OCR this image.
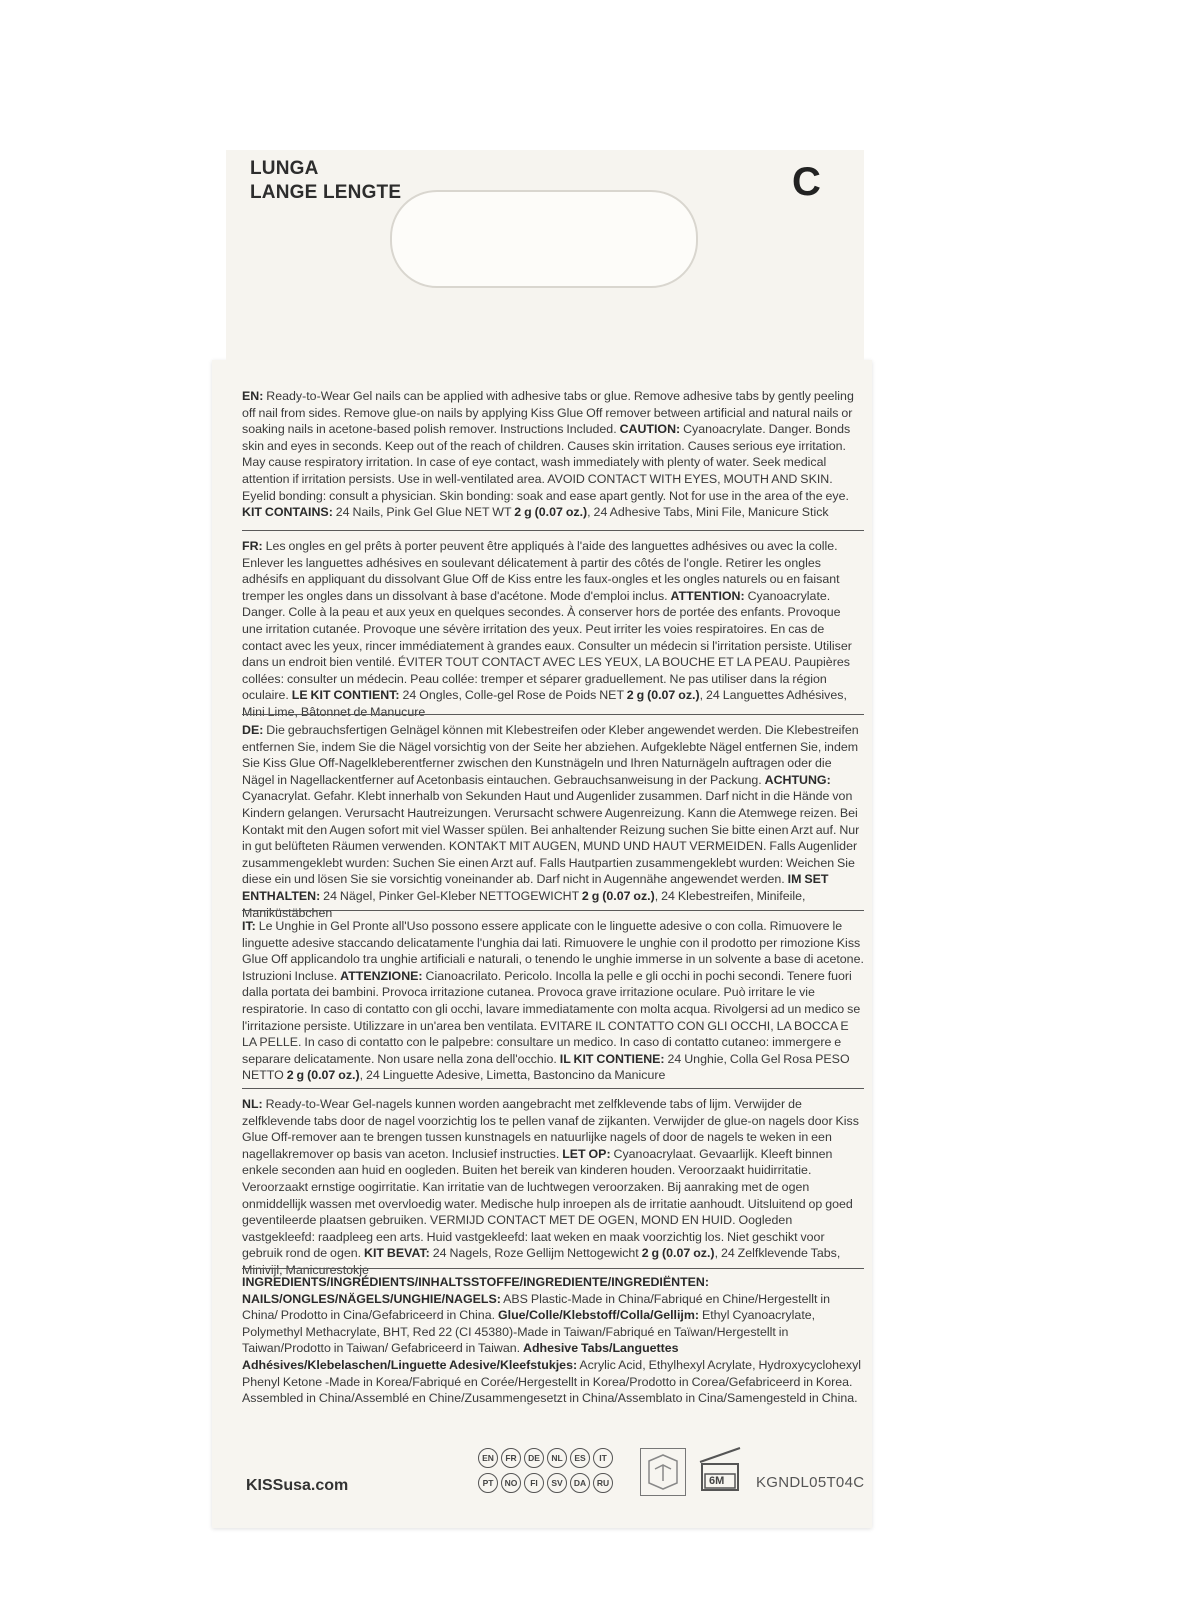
LUNGA
LANGE LENGTE	C
EN: Ready-to-Wear Gel nails can be applied with adhesive tabs or glue. Remove adhesive tabs by gently peeling off nail from sides. Remove glue-on nails by applying Kiss Glue Off remover between artificial and natural nails or soaking nails in acetone-based polish remover. Instructions Included. CAUTION: Cyanoacrylate. Danger. Bonds skin and eyes in seconds. Keep out of the reach of children. Causes skin irritation. Causes serious eye irritation. May cause respiratory irritation. In case of eye contact, wash immediately with plenty of water. Seek medical attention if irritation persists. Use in well-ventilated area. AVOID CONTACT WITH EYES, MOUTH AND SKIN. Eyelid bonding: consult a physician. Skin bonding: soak and ease apart gently. Not for use in the area of the eye. KIT CONTAINS: 24 Nails, Pink Gel Glue NET WT 2 g (0.07 oz.), 24 Adhesive Tabs, Mini File, Manicure Stick
FR: Les ongles en gel prêts à porter peuvent être appliqués à l'aide des languettes adhésives ou avec la colle. Enlever les languettes adhésives en soulevant délicatement à partir des côtés de l'ongle. Retirer les ongles adhésifs en appliquant du dissolvant Glue Off de Kiss entre les faux-ongles et les ongles naturels ou en faisant tremper les ongles dans un dissolvant à base d'acétone. Mode d'emploi inclus. ATTENTION: Cyanoacrylate. Danger. Colle à la peau et aux yeux en quelques secondes. À conserver hors de portée des enfants. Provoque une irritation cutanée. Provoque une sévère irritation des yeux. Peut irriter les voies respiratoires. En cas de contact avec les yeux, rincer immédiatement à grandes eaux. Consulter un médecin si l'irritation persiste. Utiliser dans un endroit bien ventilé. ÉVITER TOUT CONTACT AVEC LES YEUX, LA BOUCHE ET LA PEAU. Paupières collées: consulter un médecin. Peau collée: tremper et séparer graduellement. Ne pas utiliser dans la région oculaire. LE KIT CONTIENT: 24 Ongles, Colle-gel Rose de Poids NET 2 g (0.07 oz.), 24 Languettes Adhésives, Mini Lime, Bâtonnet de Manucure
DE: Die gebrauchsfertigen Gelnägel können mit Klebestreifen oder Kleber angewendet werden. Die Klebestreifen entfernen Sie, indem Sie die Nägel vorsichtig von der Seite her abziehen. Aufgeklebte Nägel entfernen Sie, indem Sie Kiss Glue Off-Nagelkleberentferner zwischen den Kunstnägeln und Ihren Naturnägeln auftragen oder die Nägel in Nagellackentferner auf Acetonbasis eintauchen. Gebrauchsanweisung in der Packung. ACHTUNG: Cyanacrylat. Gefahr. Klebt innerhalb von Sekunden Haut und Augenlider zusammen. Darf nicht in die Hände von Kindern gelangen. Verursacht Hautreizungen. Verursacht schwere Augenreizung. Kann die Atemwege reizen. Bei Kontakt mit den Augen sofort mit viel Wasser spülen. Bei anhaltender Reizung suchen Sie bitte einen Arzt auf. Nur in gut belüfteten Räumen verwenden. KONTAKT MIT AUGEN, MUND UND HAUT VERMEIDEN. Falls Augenlider zusammengeklebt wurden: Suchen Sie einen Arzt auf. Falls Hautpartien zusammengeklebt wurden: Weichen Sie diese ein und lösen Sie sie vorsichtig voneinander ab. Darf nicht in Augennähe angewendet werden. IM SET ENTHALTEN: 24 Nägel, Pinker Gel-Kleber NETTOGEWICHT 2 g (0.07 oz.), 24 Klebestreifen, Minifeile, Maniküstäbchen
IT: Le Unghie in Gel Pronte all'Uso possono essere applicate con le linguette adesive o con colla. Rimuovere le linguette adesive staccando delicatamente l'unghia dai lati. Rimuovere le unghie con il prodotto per rimozione Kiss Glue Off applicandolo tra unghie artificiali e naturali, o tenendo le unghie immerse in un solvente a base di acetone. Istruzioni Incluse. ATTENZIONE: Cianoacrilato. Pericolo. Incolla la pelle e gli occhi in pochi secondi. Tenere fuori dalla portata dei bambini. Provoca irritazione cutanea. Provoca grave irritazione oculare. Può irritare le vie respiratorie. In caso di contatto con gli occhi, lavare immediatamente con molta acqua. Rivolgersi ad un medico se l'irritazione persiste. Utilizzare in un'area ben ventilata. EVITARE IL CONTATTO CON GLI OCCHI, LA BOCCA E LA PELLE. In caso di contatto con le palpebre: consultare un medico. In caso di contatto cutaneo: immergere e separare delicatamente. Non usare nella zona dell'occhio. IL KIT CONTIENE: 24 Unghie, Colla Gel Rosa PESO NETTO 2 g (0.07 oz.), 24 Linguette Adesive, Limetta, Bastoncino da Manicure
NL: Ready-to-Wear Gel-nagels kunnen worden aangebracht met zelfklevende tabs of lijm. Verwijder de zelfklevende tabs door de nagel voorzichtig los te pellen vanaf de zijkanten. Verwijder de glue-on nagels door Kiss Glue Off-remover aan te brengen tussen kunstnagels en natuurlijke nagels of door de nagels te weken in een nagellakremover op basis van aceton. Inclusief instructies. LET OP: Cyanoacrylaat. Gevaarlijk. Kleeft binnen enkele seconden aan huid en oogleden. Buiten het bereik van kinderen houden. Veroorzaakt huidirritatie. Veroorzaakt ernstige oogirritatie. Kan irritatie van de luchtwegen veroorzaken. Bij aanraking met de ogen onmiddellijk wassen met overvloedig water. Medische hulp inroepen als de irritatie aanhoudt. Uitsluitend op goed geventileerde plaatsen gebruiken. VERMIJD CONTACT MET DE OGEN, MOND EN HUID. Oogleden vastgekleefd: raadpleeg een arts. Huid vastgekleefd: laat weken en maak voorzichtig los. Niet geschikt voor gebruik rond de ogen. KIT BEVAT: 24 Nagels, Roze Gellijm Nettogewicht 2 g (0.07 oz.), 24 Zelfklevende Tabs, Minivijl, Manicurestokje
INGREDIENTS/INGRÉDIENTS/INHALTSSTOFFE/INGREDIENTE/INGREDIËNTEN:
NAILS/ONGLES/NÄGELS/UNGHIE/NAGELS: ABS Plastic-Made in China/Fabriqué en Chine/Hergestellt in China/ Prodotto in Cina/Gefabriceerd in China. Glue/Colle/Klebstoff/Colla/Gellijm: Ethyl Cyanoacrylate, Polymethyl Methacrylate, BHT, Red 22 (CI 45380)-Made in Taiwan/Fabriqué en Taïwan/Hergestellt in Taiwan/Prodotto in Taiwan/ Gefabriceerd in Taiwan. Adhesive Tabs/Languettes Adhésives/Klebelaschen/Linguette Adesive/Kleefstukjes: Acrylic Acid, Ethylhexyl Acrylate, Hydroxycyclohexyl Phenyl Ketone -Made in Korea/Fabriqué en Corée/Hergestellt in Korea/Prodotto in Corea/Gefabriceerd in Korea. Assembled in China/Assemblé en Chine/Zusammengesetzt in China/Assemblato in Cina/Samengesteld in China.
KISSusa.com
EN	FR	DE	NL	ES	IT
PT	NO	FI	SV	DA	RU	6M KGNDL05T04C
